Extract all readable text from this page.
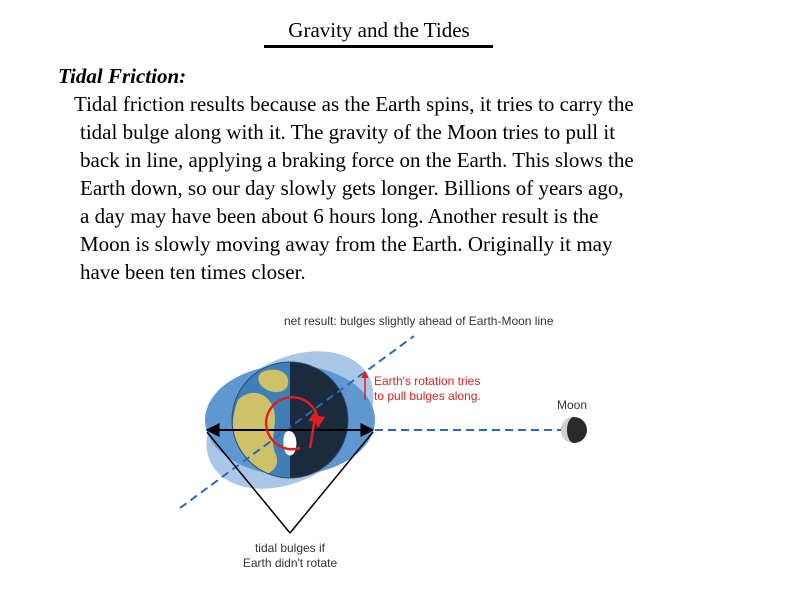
Gravity and the Tides
Tidal Friction:
Tidal friction results because as the Earth spins, it tries to carry the
tidal bulge along with it. The gravity of the Moon tries to pull it
back in line, applying a braking force on the Earth. This slows the
Earth down, so our day slowly gets longer. Billions of years ago,
a day may have been about 6 hours long. Another result is the
Moon is slowly moving away from the Earth. Originally it may
have been ten times closer.
net result: bulges slightly ahead of Earth-Moon line
Earth's rotation tries
to pull bulges along.
Moon
tidal bulges if
Earth didn't rotate
